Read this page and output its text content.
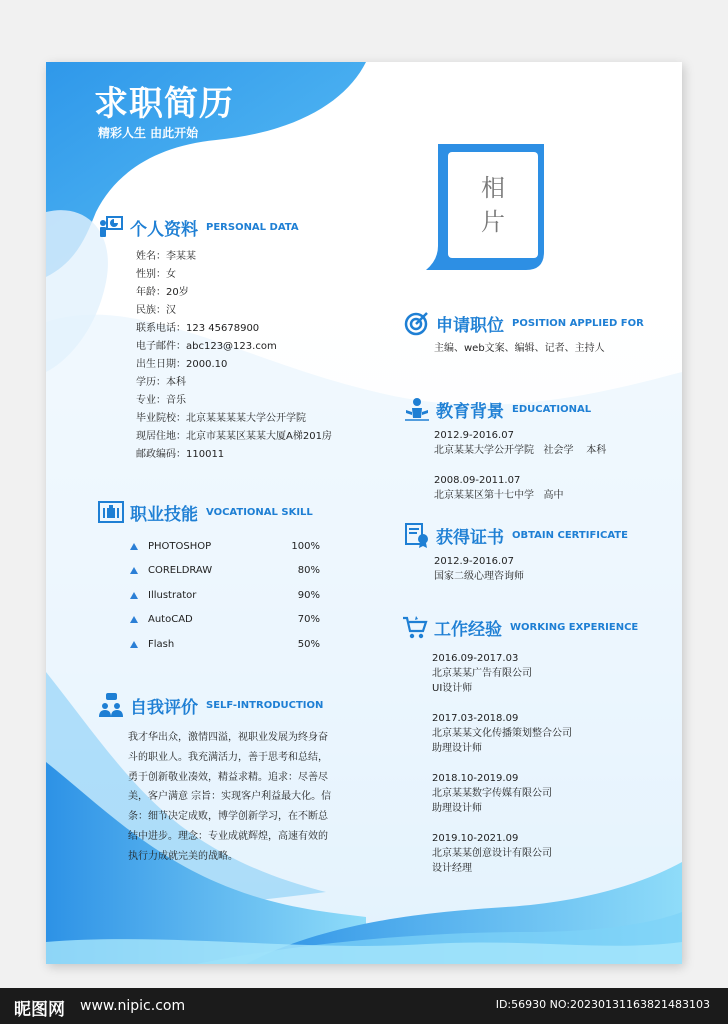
求职简历
精彩人生 由此开始
相
片
个人资料 PERSONAL DATA
姓名：李某某
性别：女
年龄：20岁
民族：汉
联系电话：123 45678900
电子邮件：abc123@123.com
出生日期：2000.10
学历：本科
专业：音乐
毕业院校：北京某某某某大学公开学院
现居住地：北京市某某区某某大厦A梯201房
邮政编码：110011
职业技能 VOCATIONAL SKILL
PHOTOSHOP	100%
CORELDRAW	80%
Illustrator	90%
AutoCAD	70%
Flash	50%
自我评价 SELF-INTRODUCTION
我才华出众，激情四溢，视职业发展为终身奋斗的职业人。我充满活力，善于思考和总结，勇于创新敬业凑效，精益求精。追求：尽善尽美，客户满意 宗旨：实现客户利益最大化。信条：细节决定成败，博学创新学习，在不断总结中进步。理念：专业成就辉煌，高速有效的执行力成就完美的战略。
申请职位 POSITION APPLIED FOR
主编、web文案、编辑、记者、主持人
教育背景 EDUCATIONAL
2012.9-2016.07
北京某某大学公开学院   社会学    本科
2008.09-2011.07
北京某某区第十七中学   高中
获得证书 OBTAIN CERTIFICATE
2012.9-2016.07
国家二级心理咨询师
工作经验 WORKING EXPERIENCE
2016.09-2017.03
北京某某广告有限公司
UI设计师
2017.03-2018.09
北京某某文化传播策划整合公司
助理设计师
2018.10-2019.09
北京某某数字传媒有限公司
助理设计师
2019.10-2021.09
北京某某创意设计有限公司
设计经理
昵图网 www.nipic.com	ID:56930 NO:20230131163821483103
